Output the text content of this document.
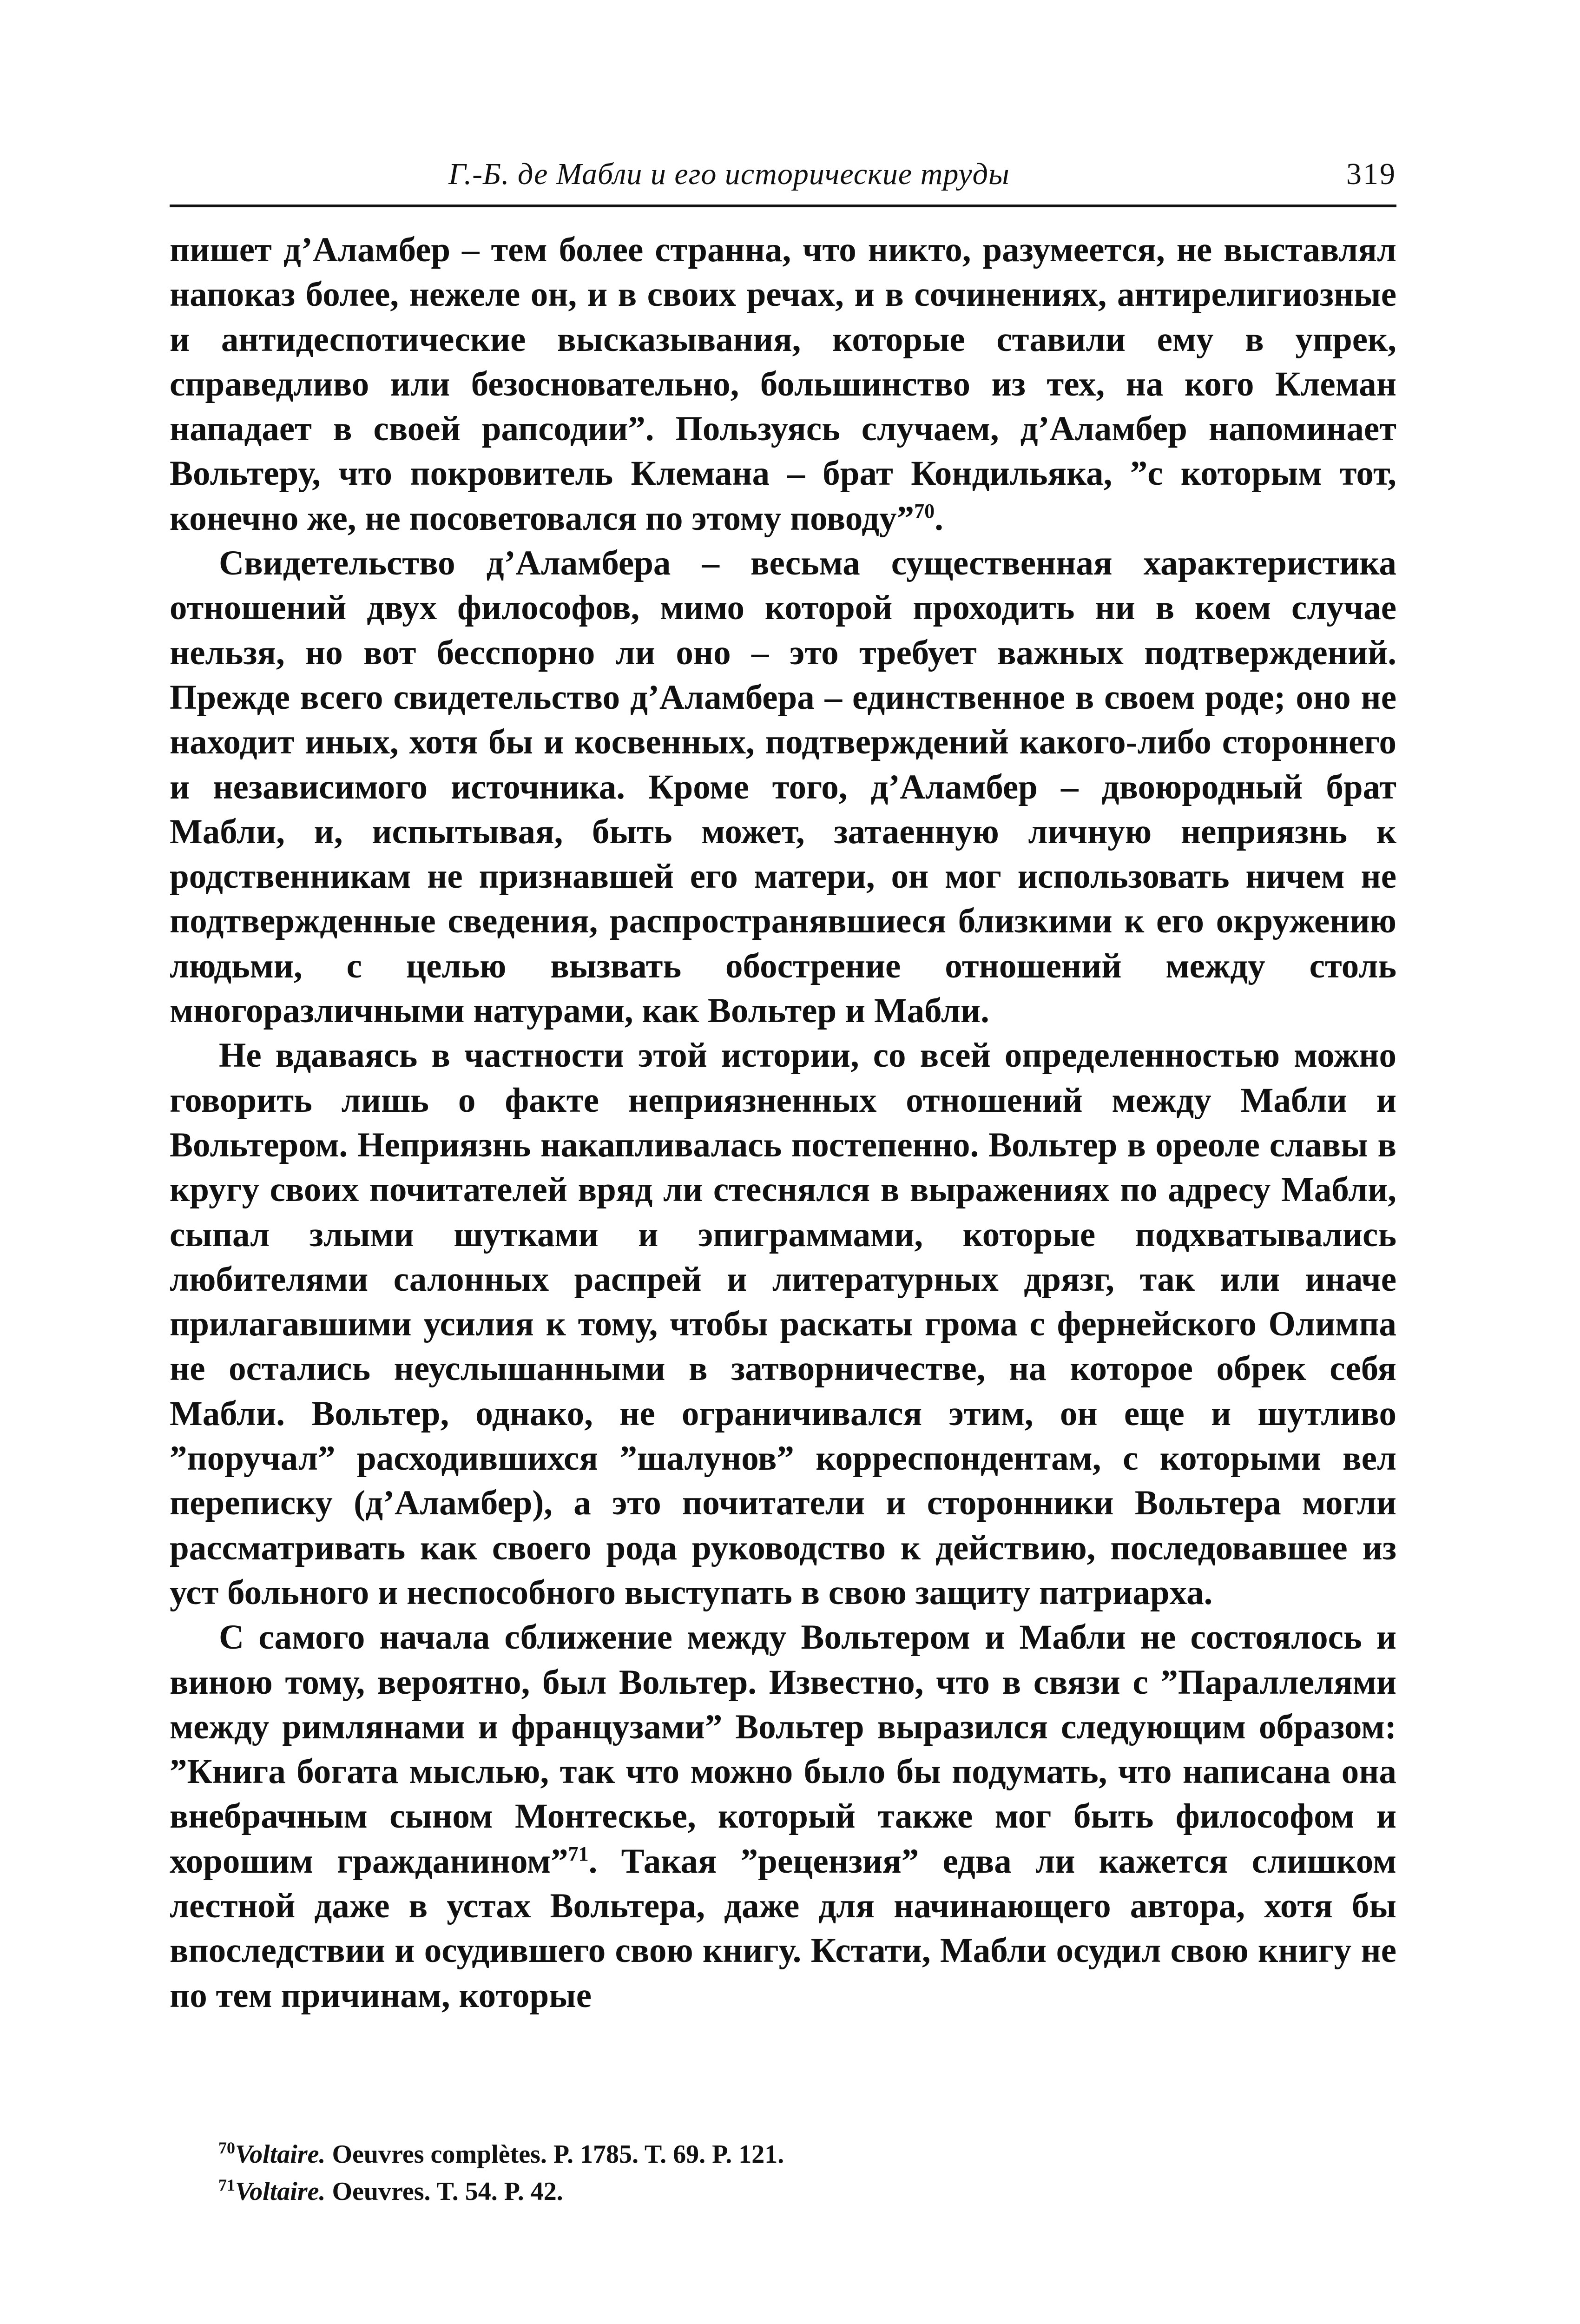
Г.-Б. де Мабли и его исторические труды	319

пишет д’Аламбер – тем более странна, что никто, разумеется, не выставлял напоказ более, нежеле он, и в своих речах, и в сочинениях, антирелигиозные и антидеспотические высказывания, которые ставили ему в упрек, справедливо или безосновательно, большинство из тех, на кого Клеман нападает в своей рапсодии”. Пользуясь случаем, д’Аламбер напоминает Вольтеру, что покровитель Клемана – брат Кондильяка, ”с которым тот, конечно же, не посоветовался по этому поводу”$^{70}$.

Свидетельство д’Аламбера – весьма существенная характеристика отношений двух философов, мимо которой проходить ни в коем случае нельзя, но вот бесспорно ли оно – это требует важных подтверждений. Прежде всего свидетельство д’Аламбера – единственное в своем роде; оно не находит иных, хотя бы и косвенных, подтверждений какого-либо стороннего и независимого источника. Кроме того, д’Аламбер – двоюродный брат Мабли, и, испытывая, быть может, затаенную личную неприязнь к родственникам не признавшей его матери, он мог использовать ничем не подтвержденные сведения, распространявшиеся близкими к его окружению людьми, с целью вызвать обострение отношений между столь многоразличными натурами, как Вольтер и Мабли.

Не вдаваясь в частности этой истории, со всей определенностью можно говорить лишь о факте неприязненных отношений между Мабли и Вольтером. Неприязнь накапливалась постепенно. Вольтер в ореоле славы в кругу своих почитателей вряд ли стеснялся в выражениях по адресу Мабли, сыпал злыми шутками и эпиграммами, которые подхватывались любителями салонных распрей и литературных дрязг, так или иначе прилагавшими усилия к тому, чтобы раскаты грома с фернейского Олимпа не остались неуслышанными в затворничестве, на которое обрек себя Мабли. Вольтер, однако, не ограничивался этим, он еще и шутливо ”поручал” расходившихся ”шалунов” корреспондентам, с которыми вел переписку (д’Аламбер), а это почитатели и сторонники Вольтера могли рассматривать как своего рода руководство к действию, последовавшее из уст больного и неспособного выступать в свою защиту патриарха.

С самого начала сближение между Вольтером и Мабли не состоялось и виною тому, вероятно, был Вольтер. Известно, что в связи с ”Параллелями между римлянами и французами” Вольтер выразился следующим образом: ”Книга богата мыслью, так что можно было бы подумать, что написана она внебрачным сыном Монтескье, который также мог быть философом и хорошим гражданином”$^{71}$. Такая ”рецензия” едва ли кажется слишком лестной даже в устах Вольтера, даже для начинающего автора, хотя бы впоследствии и осудившего свою книгу. Кстати, Мабли осудил свою книгу не по тем причинам, которые

$^{70}$Voltaire. Oeuvres complètes. P. 1785. T. 69. P. 121.
$^{71}$Voltaire. Oeuvres. T. 54. P. 42.
